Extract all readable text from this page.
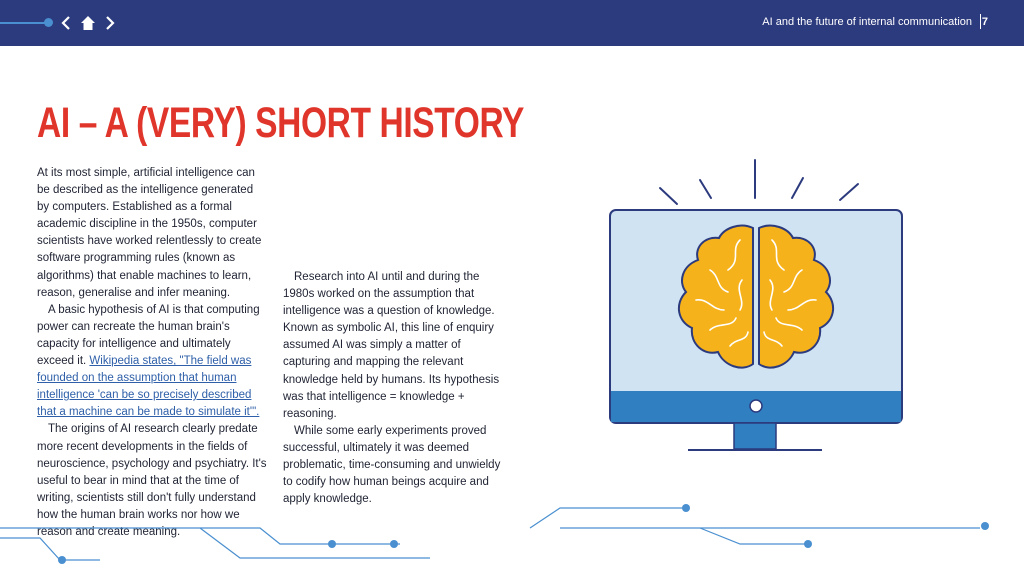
AI and the future of internal communication 7
AI – A (VERY) SHORT HISTORY

At its most simple, artificial intelligence can be described as the intelligence generated by computers. Established as a formal academic discipline in the 1950s, computer scientists have worked relentlessly to create software programming rules (known as algorithms) that enable machines to learn, reason, generalise and infer meaning.

A basic hypothesis of AI is that computing power can recreate the human brain's capacity for intelligence and ultimately exceed it. Wikipedia states, "The field was founded on the assumption that human intelligence 'can be so precisely described that a machine can be made to simulate it'".

The origins of AI research clearly predate more recent developments in the fields of neuroscience, psychology and psychiatry. It's useful to bear in mind that at the time of writing, scientists still don't fully understand how the human brain works nor how we reason and create meaning.

Research into AI until and during the 1980s worked on the assumption that intelligence was a question of knowledge. Known as symbolic AI, this line of enquiry assumed AI was simply a matter of capturing and mapping the relevant knowledge held by humans. Its hypothesis was that intelligence = knowledge + reasoning.

While some early experiments proved successful, ultimately it was deemed problematic, time-consuming and unwieldy to codify how human beings acquire and apply knowledge.
